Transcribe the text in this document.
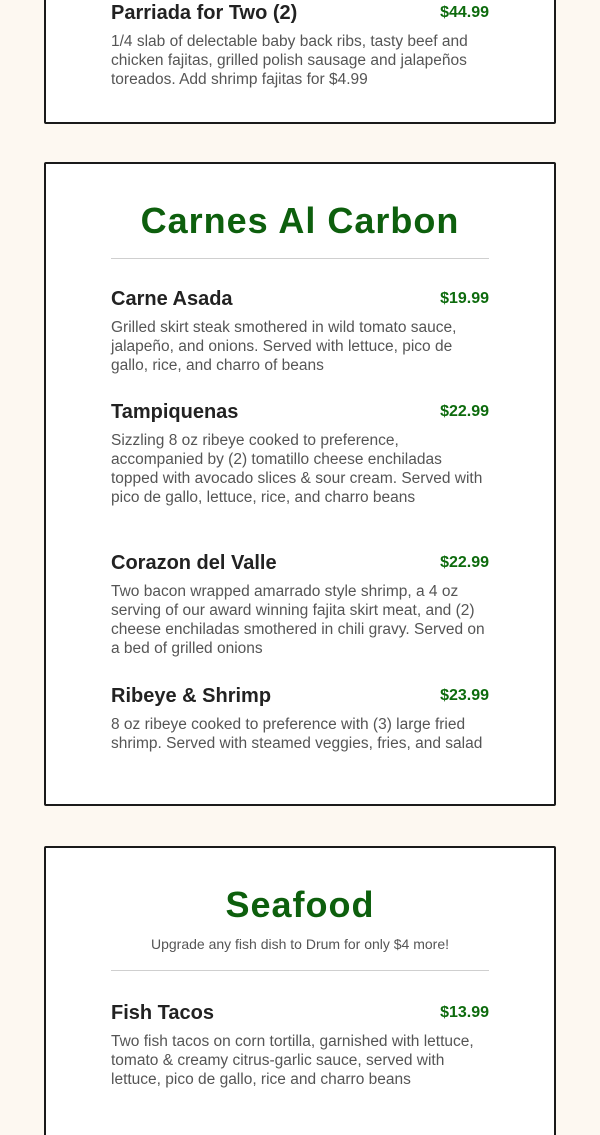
Parriada for Two (2)	$44.99

1/4 slab of delectable baby back ribs, tasty beef and chicken fajitas, grilled polish sausage and jalapeños toreados. Add shrimp fajitas for $4.99

Carnes Al Carbon
Carne Asada	$19.99

Grilled skirt steak smothered in wild tomato sauce, jalapeño, and onions. Served with lettuce, pico de gallo, rice, and charro of beans

Tampiquenas	$22.99

Sizzling 8 oz ribeye cooked to preference, accompanied by (2) tomatillo cheese enchiladas topped with avocado slices & sour cream. Served with pico de gallo, lettuce, rice, and charro beans

Corazon del Valle	$22.99

Two bacon wrapped amarrado style shrimp, a 4 oz serving of our award winning fajita skirt meat, and (2) cheese enchiladas smothered in chili gravy. Served on a bed of grilled onions

Ribeye & Shrimp	$23.99

8 oz ribeye cooked to preference with (3) large fried shrimp. Served with steamed veggies, fries, and salad

Seafood

Upgrade any fish dish to Drum for only $4 more!

Fish Tacos	$13.99

Two fish tacos on corn tortilla, garnished with lettuce, tomato & creamy citrus-garlic sauce, served with lettuce, pico de gallo, rice and charro beans
